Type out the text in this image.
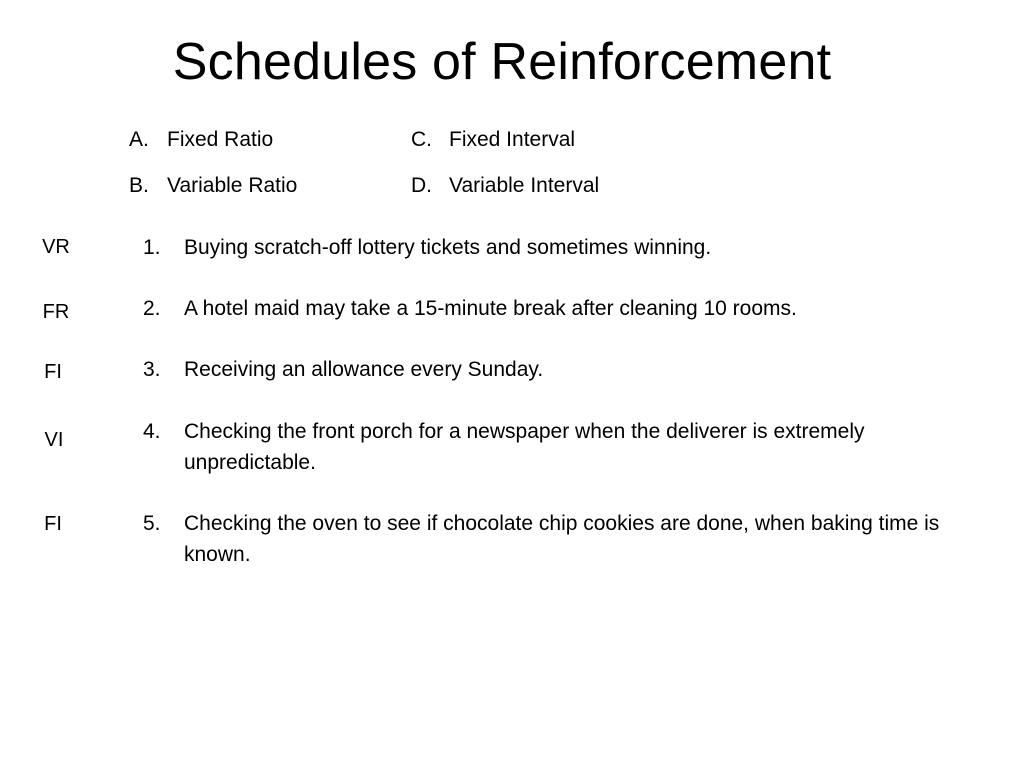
Schedules of Reinforcement
A. Fixed Ratio
B. Variable Ratio
C. Fixed Interval
D. Variable Interval
VR	1.	Buying scratch-off lottery tickets and sometimes winning.
FR	2.	A hotel maid may take a 15-minute break after cleaning 10 rooms.
FI	3.	Receiving an allowance every Sunday.
VI	4.	Checking the front porch for a newspaper when the deliverer is extremely unpredictable.
FI	5.	Checking the oven to see if chocolate chip cookies are done, when baking time is known.
